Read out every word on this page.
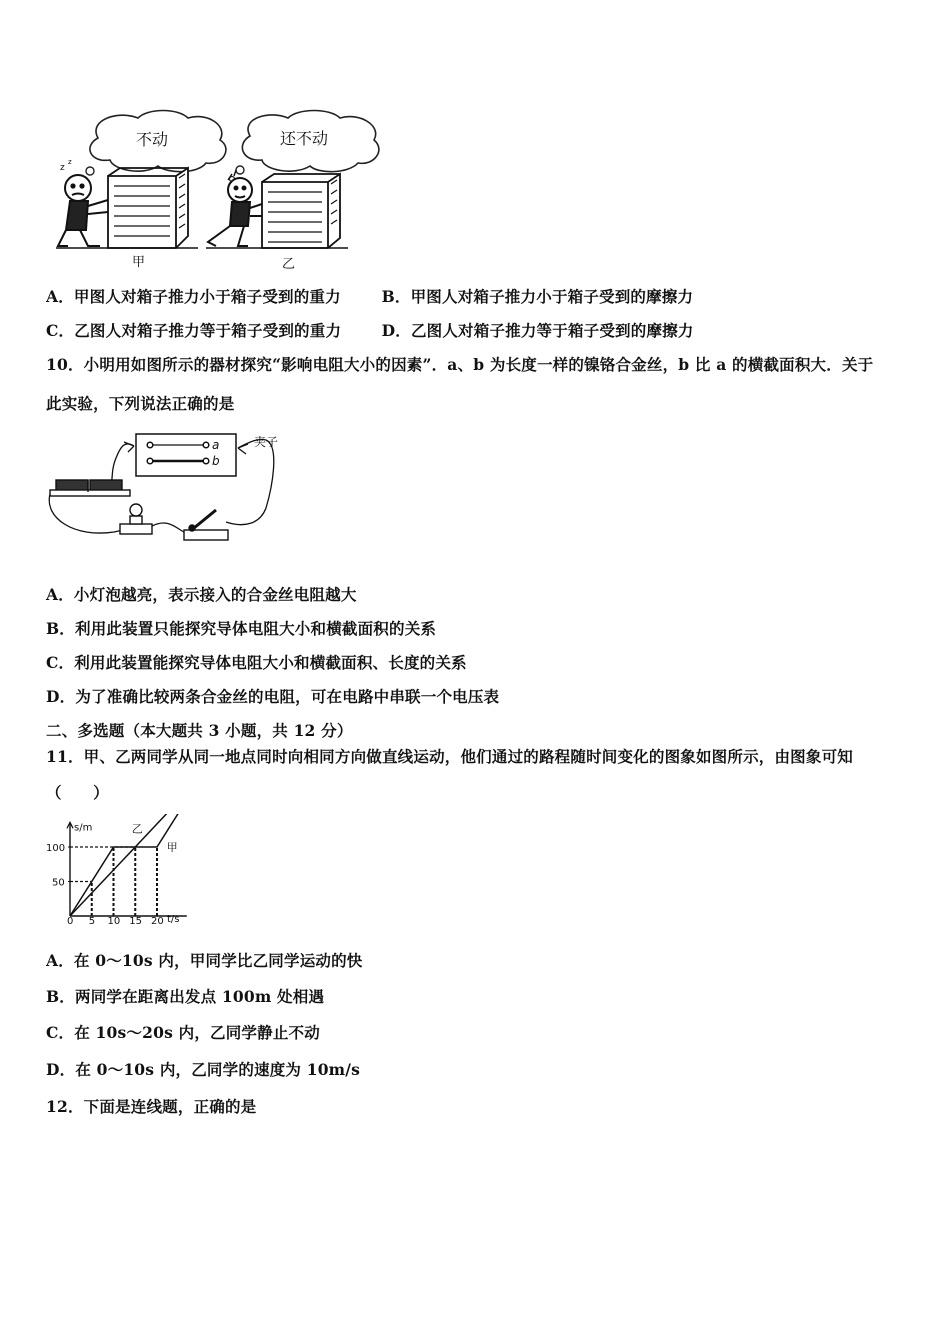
不动	还不动
z
z
甲	乙
A．甲图人对箱子推力小于箱子受到的重力	B．甲图人对箱子推力小于箱子受到的摩擦力
C．乙图人对箱子推力等于箱子受到的重力	D．乙图人对箱子推力等于箱子受到的摩擦力
10．小明用如图所示的器材探究“影响电阻大小的因素”．a、b 为长度一样的镍铬合金丝，b 比 a 的横截面积大．关于
此实验，下列说法正确的是
a
b
夹子
A．小灯泡越亮，表示接入的合金丝电阻越大
B．利用此装置只能探究导体电阻大小和横截面积的关系
C．利用此装置能探究导体电阻大小和横截面积、长度的关系
D．为了准确比较两条合金丝的电阻，可在电路中串联一个电压表
二、多选题（本大题共 3 小题，共 12 分）
11．甲、乙两同学从同一地点同时向相同方向做直线运动，他们通过的路程随时间变化的图象如图所示，由图象可知
（　　）
s/m
t/s
0 5 10 15 20
50
100	甲
乙
A．在 0～10s 内，甲同学比乙同学运动的快
B．两同学在距离出发点 100m 处相遇
C．在 10s～20s 内，乙同学静止不动
D．在 0～10s 内，乙同学的速度为 10m/s
12．下面是连线题，正确的是
